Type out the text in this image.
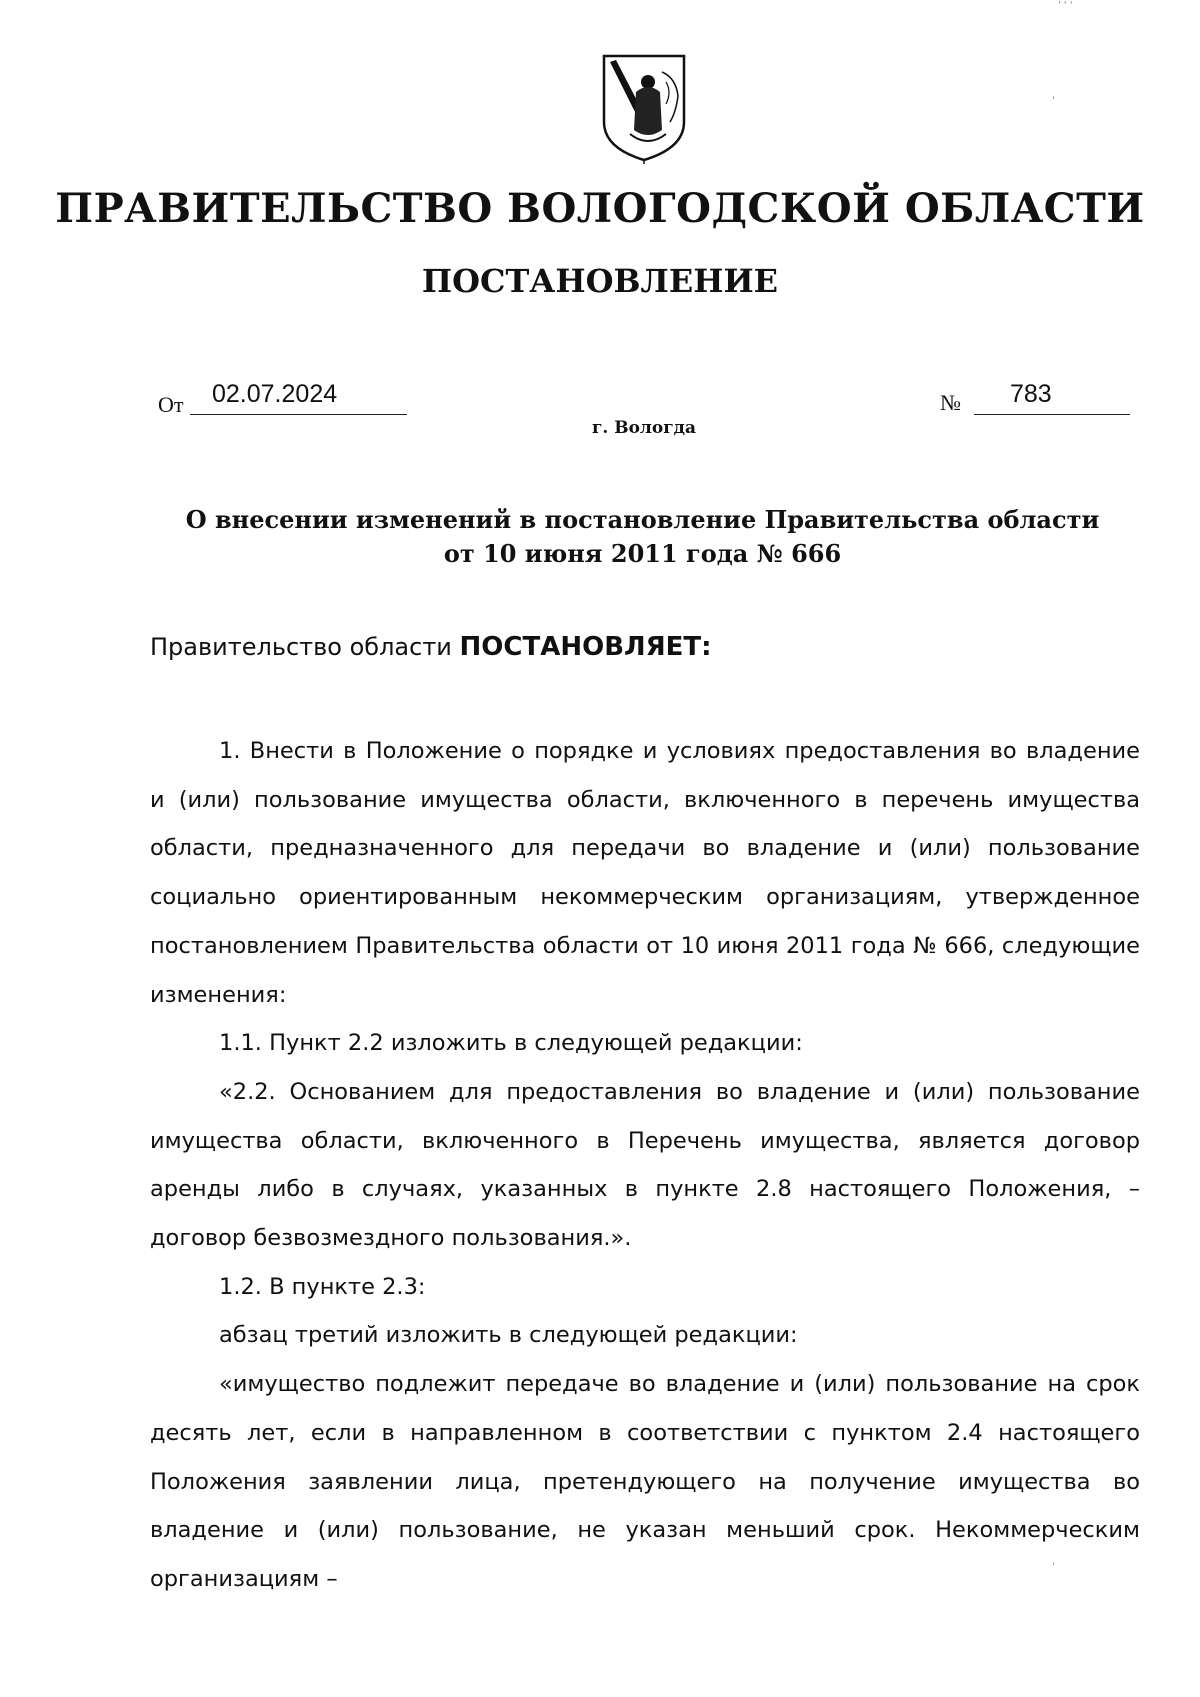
ПРАВИТЕЛЬСТВО ВОЛОГОДСКОЙ ОБЛАСТИ
ПОСТАНОВЛЕНИЕ
От	02.07.2024	№	783
г. Вологда
О внесении изменений в постановление Правительства области
от 10 июня 2011 года № 666
Правительство области ПОСТАНОВЛЯЕТ:

1. Внести в Положение о порядке и условиях предоставления во владение и (или) пользование имущества области, включенного в перечень имущества области, предназначенного для передачи во владение и (или) пользование социально ориентированным некоммерческим организациям, утвержденное постановлением Правительства области от 10 июня 2011 года № 666, следующие изменения:

1.1. Пункт 2.2 изложить в следующей редакции:

«2.2. Основанием для предоставления во владение и (или) пользование имущества области, включенного в Перечень имущества, является договор аренды либо в случаях, указанных в пункте 2.8 настоящего Положения, – договор безвозмездного пользования.».

1.2. В пункте 2.3:

абзац третий изложить в следующей редакции:

«имущество подлежит передаче во владение и (или) пользование на срок десять лет, если в направленном в соответствии с пунктом 2.4 настоящего Положения заявлении лица, претендующего на получение имущества во владение и (или) пользование, не указан меньший срок. Некоммерческим организациям –

' ' '
,
,
